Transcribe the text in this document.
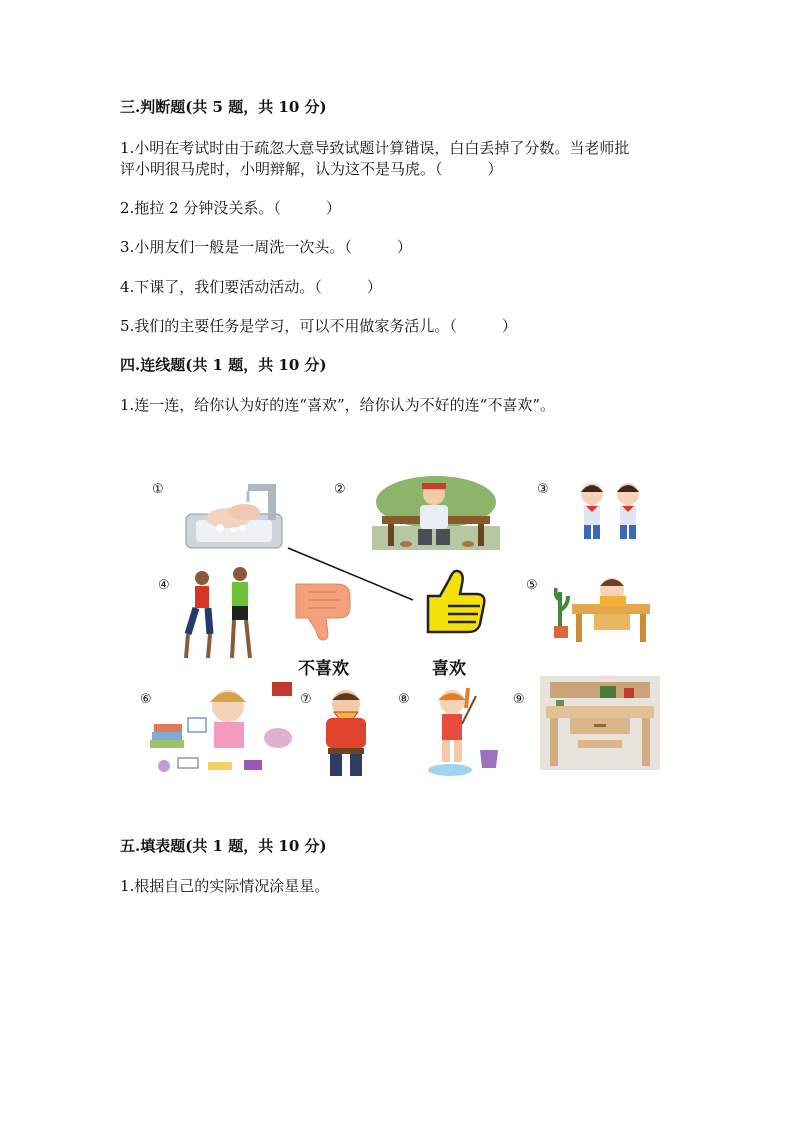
三.判断题(共 5 题，共 10 分)
1.小明在考试时由于疏忽大意导致试题计算错误，白白丢掉了分数。当老师批
评小明很马虎时，小明辩解，认为这不是马虎。（　　　）
2.拖拉 2 分钟没关系。（　　　）
3.小朋友们一般是一周洗一次头。（　　　）
4.下课了，我们要活动活动。（　　　）
5.我们的主要任务是学习，可以不用做家务活儿。（　　　）
四.连线题(共 1 题，共 10 分)
1.连一连，给你认为好的连“喜欢”，给你认为不好的连“不喜欢”。
①	②	③
④	⑤
⑥	⑦	⑧	⑨
不喜欢	喜欢
五.填表题(共 1 题，共 10 分)
1.根据自己的实际情况涂星星。
